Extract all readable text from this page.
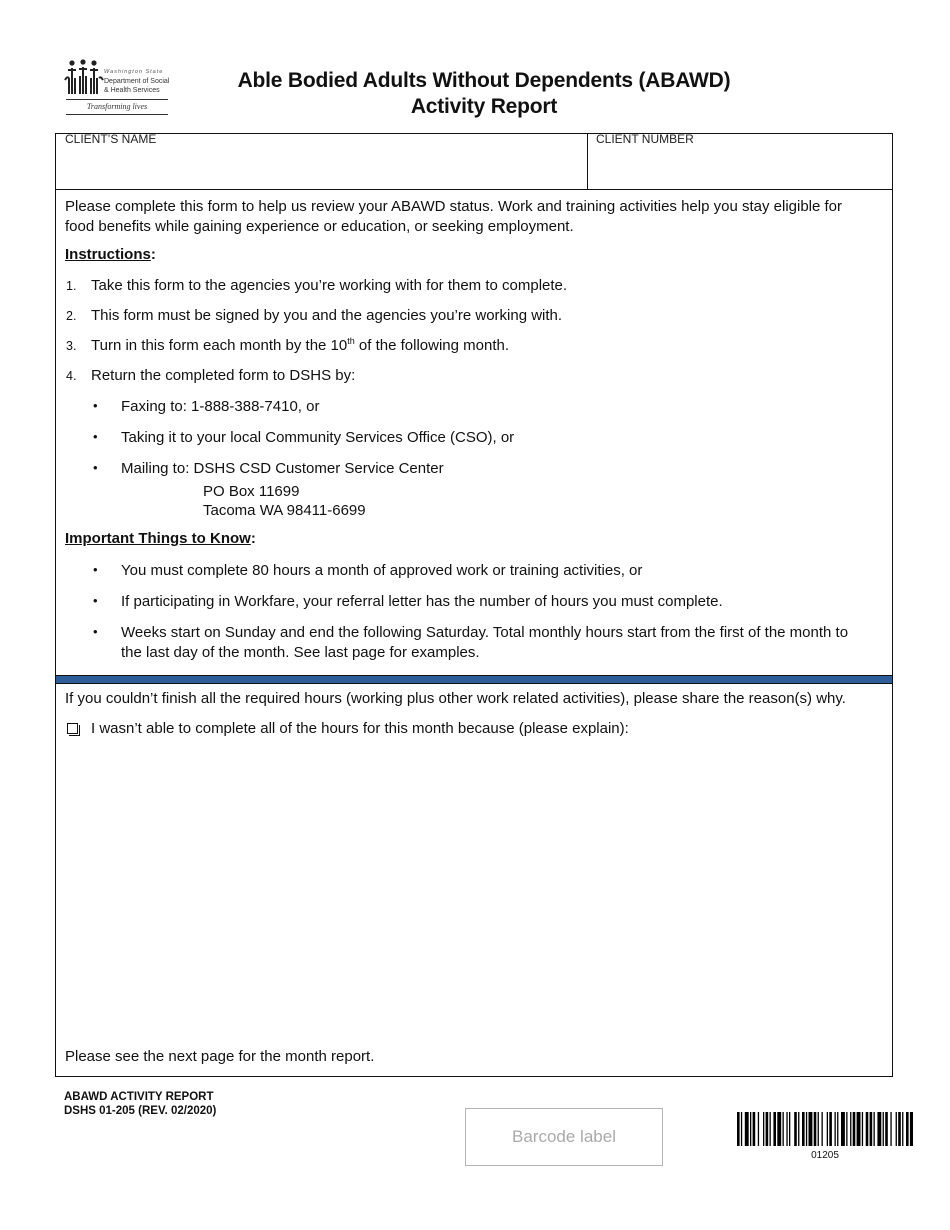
Washington State
Department of Social
& Health Services
Transforming lives
Able Bodied Adults Without Dependents (ABAWD)
Activity Report
CLIENT’S NAME	CLIENT NUMBER
Please complete this form to help us review your ABAWD status. Work and training activities help you stay eligible for
food benefits while gaining experience or education, or seeking employment.
Instructions:
1. Take this form to the agencies you’re working with for them to complete.
2. This form must be signed by you and the agencies you’re working with.
3. Turn in this form each month by the 10th of the following month.
4. Return the completed form to DSHS by:
• Faxing to: 1-888-388-7410, or
• Taking it to your local Community Services Office (CSO), or
• Mailing to: DSHS CSD Customer Service Center
PO Box 11699
Tacoma WA 98411-6699
Important Things to Know:
• You must complete 80 hours a month of approved work or training activities, or
• If participating in Workfare, your referral letter has the number of hours you must complete.
• Weeks start on Sunday and end the following Saturday. Total monthly hours start from the first of the month to
the last day of the month. See last page for examples.
If you couldn’t finish all the required hours (working plus other work related activities), please share the reason(s) why.
I wasn’t able to complete all of the hours for this month because (please explain):
Please see the next page for the month report.
ABAWD ACTIVITY REPORT
DSHS 01-205 (REV. 02/2020)
Barcode label
01205
